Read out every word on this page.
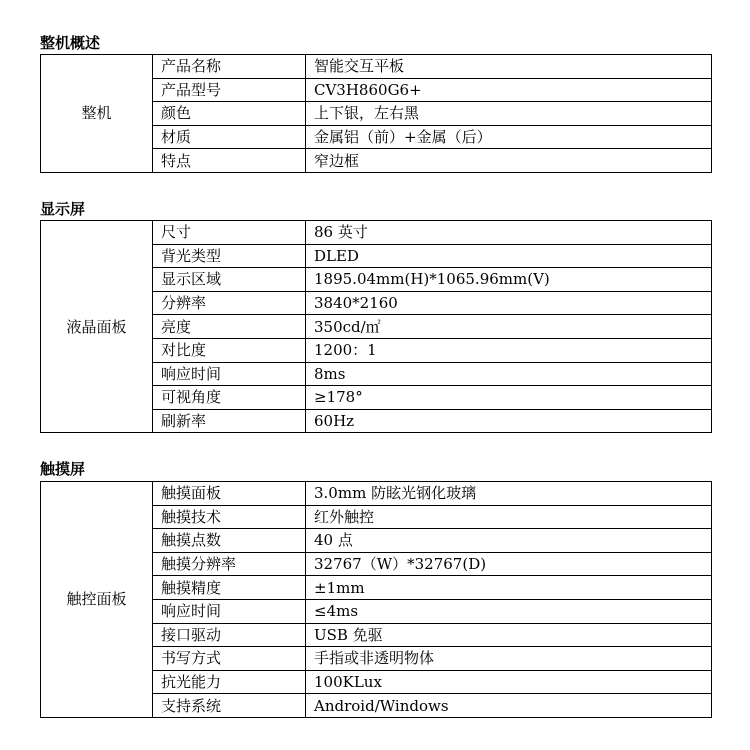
整机概述
整机	产品名称	智能交互平板
	产品型号	CV3H860G6+
	颜色	上下银，左右黑
	材质	金属铝（前）+金属（后）
	特点	窄边框
显示屏
液晶面板	尺寸	86 英寸
	背光类型	DLED
	显示区域	1895.04mm(H)*1065.96mm(V)
	分辨率	3840*2160
	亮度	350cd/㎡
	对比度	1200：1
	响应时间	8ms
	可视角度	≥178°
	刷新率	60Hz
触摸屏
触控面板	触摸面板	3.0mm 防眩光钢化玻璃
	触摸技术	红外触控
	触摸点数	40 点
	触摸分辨率	32767（W）*32767(D)
	触摸精度	±1mm
	响应时间	≤4ms
	接口驱动	USB 免驱
	书写方式	手指或非透明物体
	抗光能力	100KLux
	支持系统	Android/Windows
